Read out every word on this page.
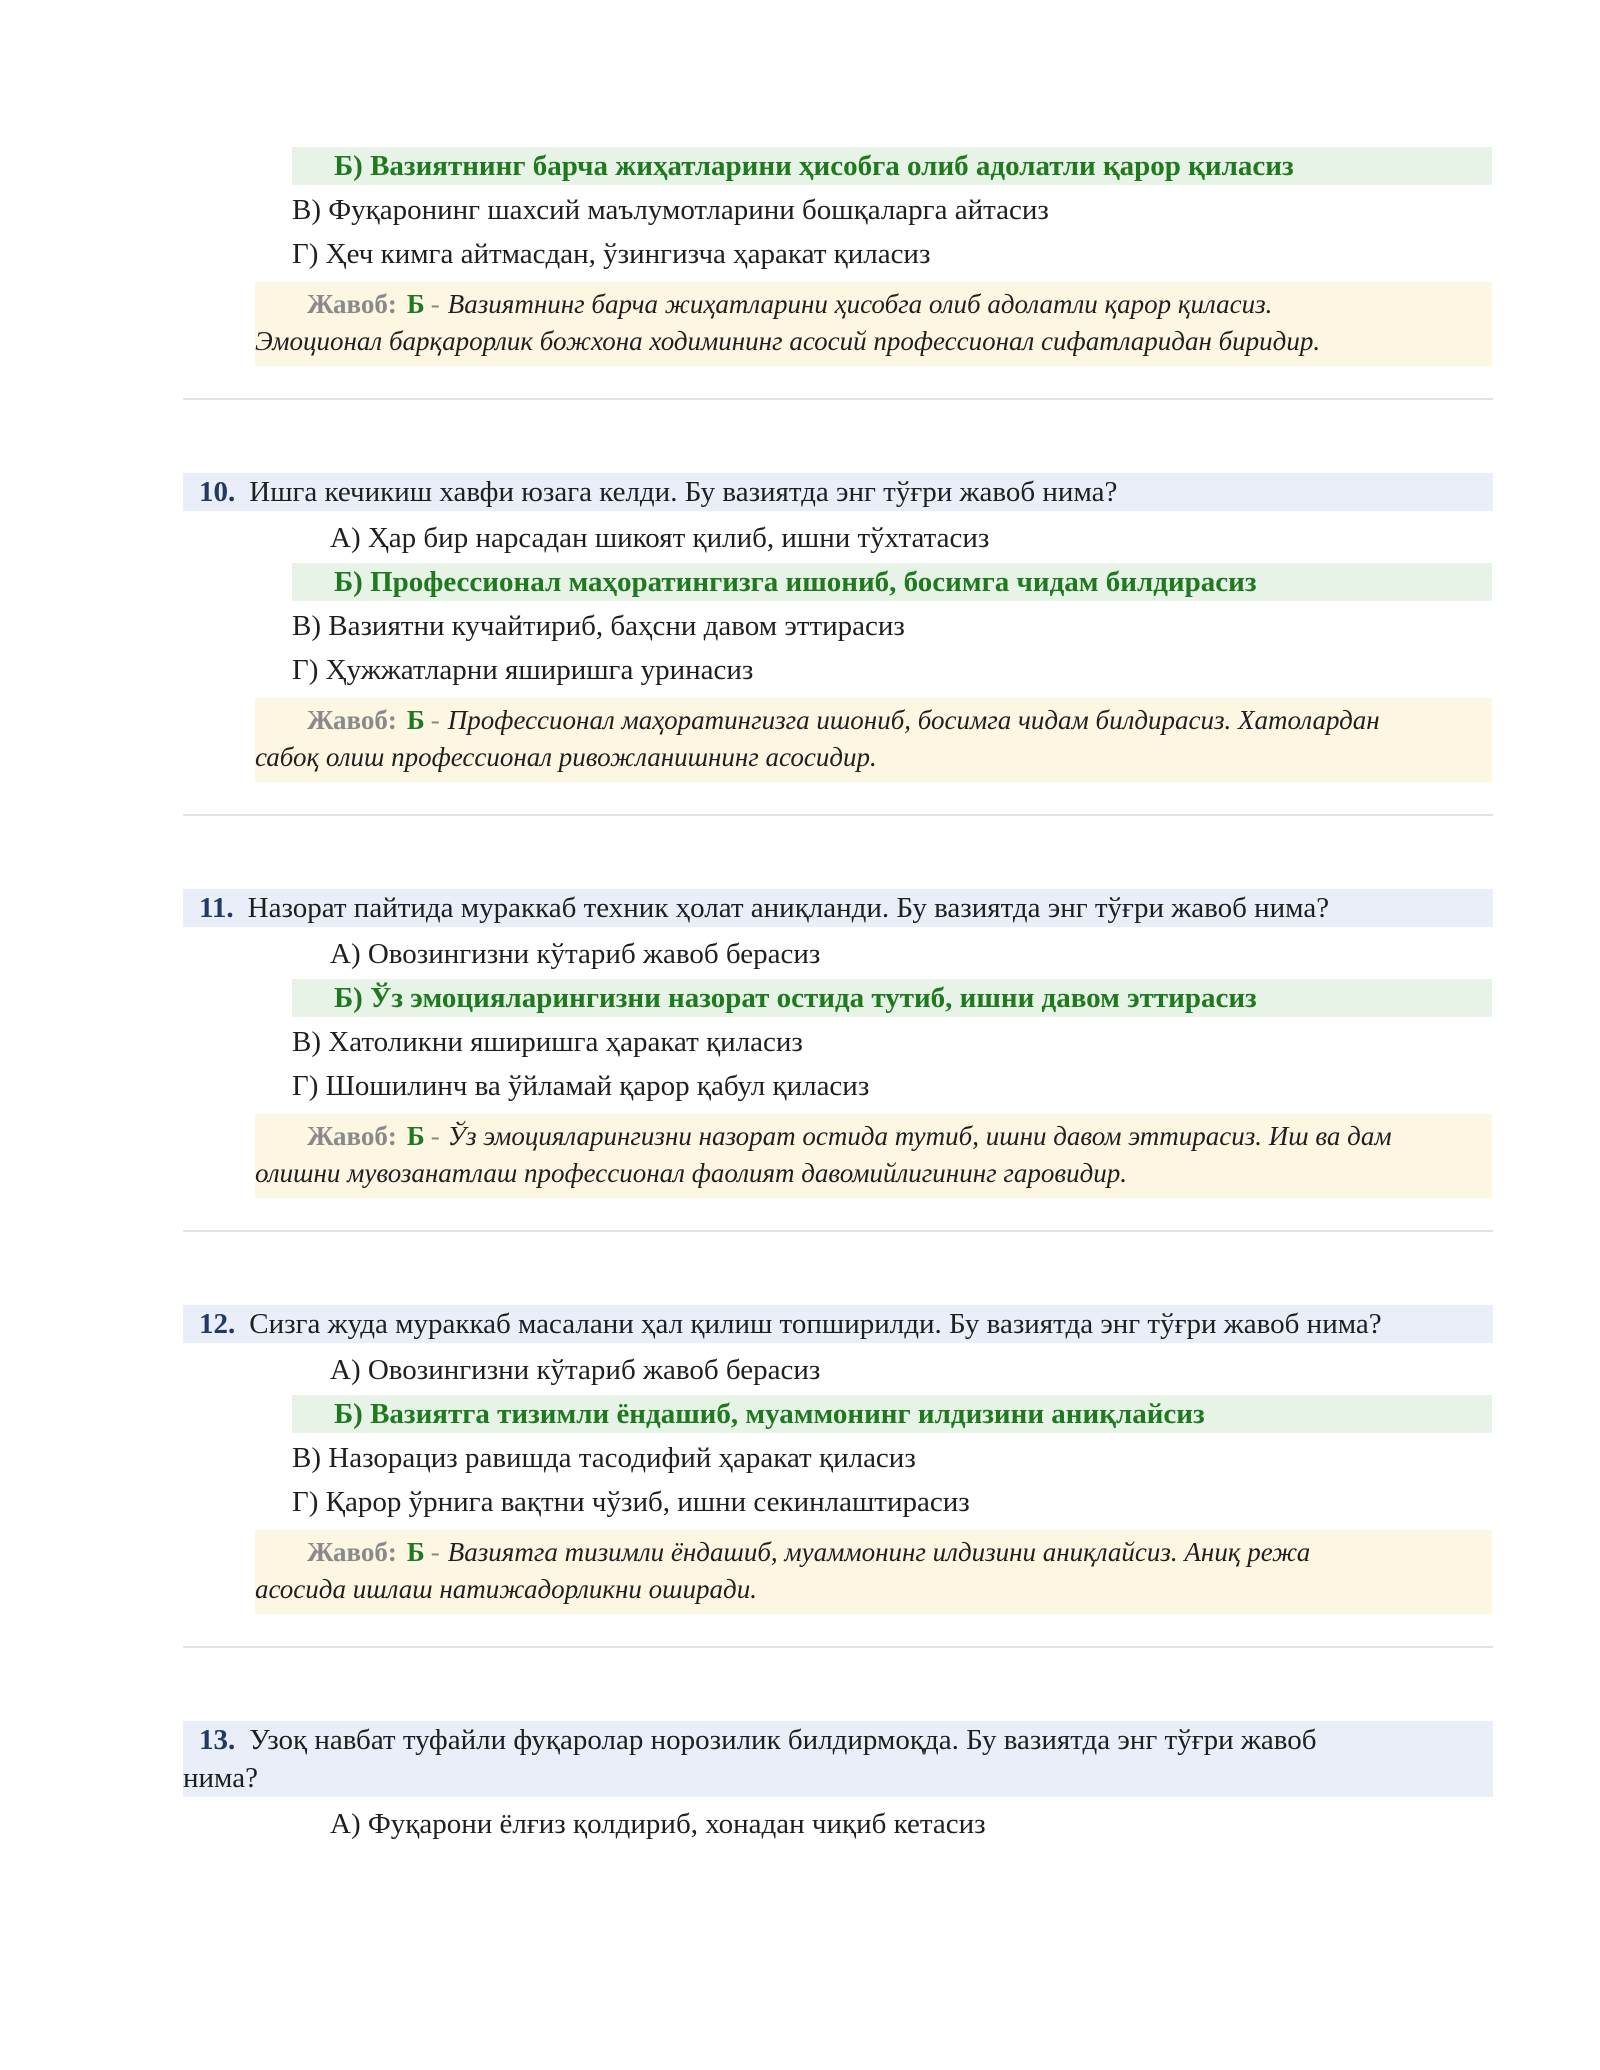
Б) Вазиятнинг барча жиҳатларини ҳисобга олиб адолатли қарор қиласиз
В) Фуқаронинг шахсий маълумотларини бошқаларга айтасиз
Г) Ҳеч кимга айтмасдан, ўзингизча ҳаракат қиласиз
Жавоб: Б - Вазиятнинг барча жиҳатларини ҳисобга олиб адолатли қарор қиласиз.
Эмоционал барқарорлик божхона ходимининг асосий профессионал сифатларидан биридир.
10. Ишга кечикиш хавфи юзага келди. Бу вазиятда энг тўғри жавоб нима?
А) Ҳар бир нарсадан шикоят қилиб, ишни тўхтатасиз
Б) Профессионал маҳоратингизга ишониб, босимга чидам билдирасиз
В) Вазиятни кучайтириб, баҳсни давом эттирасиз
Г) Ҳужжатларни яширишга уринасиз
Жавоб: Б - Профессионал маҳоратингизга ишониб, босимга чидам билдирасиз. Хатолардан
сабоқ олиш профессионал ривожланишнинг асосидир.
11. Назорат пайтида мураккаб техник ҳолат аниқланди. Бу вазиятда энг тўғри жавоб нима?
А) Овозингизни кўтариб жавоб берасиз
Б) Ўз эмоцияларингизни назорат остида тутиб, ишни давом эттирасиз
В) Хатоликни яширишга ҳаракат қиласиз
Г) Шошилинч ва ўйламай қарор қабул қиласиз
Жавоб: Б - Ўз эмоцияларингизни назорат остида тутиб, ишни давом эттирасиз. Иш ва дам
олишни мувозанатлаш профессионал фаолият давомийлигининг гаровидир.
12. Сизга жуда мураккаб масалани ҳал қилиш топширилди. Бу вазиятда энг тўғри жавоб нима?
А) Овозингизни кўтариб жавоб берасиз
Б) Вазиятга тизимли ёндашиб, муаммонинг илдизини аниқлайсиз
В) Назорациз равишда тасодифий ҳаракат қиласиз
Г) Қарор ўрнига вақтни чўзиб, ишни секинлаштирасиз
Жавоб: Б - Вазиятга тизимли ёндашиб, муаммонинг илдизини аниқлайсиз. Аниқ режа
асосида ишлаш натижадорликни оширади.
13. Узоқ навбат туфайли фуқаролар норозилик билдирмоқда. Бу вазиятда энг тўғри жавоб
нима?
А) Фуқарони ёлғиз қолдириб, хонадан чиқиб кетасиз
